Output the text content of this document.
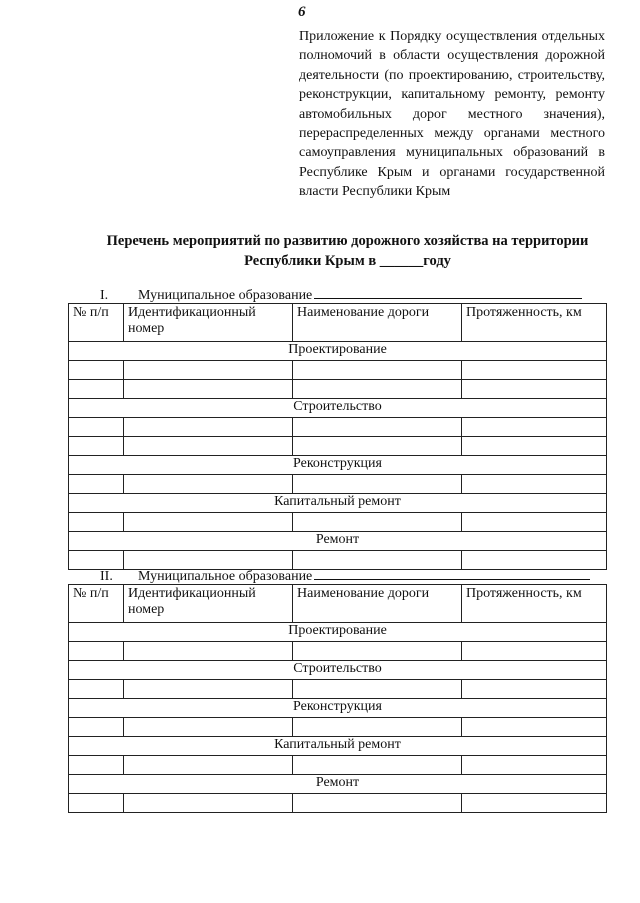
6
Приложение к Порядку осуществления отдельных полномочий в области осуществления дорожной деятельности (по проектированию, строительству, реконструкции, капитальному ремонту, ремонту автомобильных дорог местного значения), перераспределенных между органами местного самоуправления муниципальных образований в Республике Крым и органами государственной власти Республики Крым
Перечень мероприятий по развитию дорожного хозяйства на территории
Республики Крым в ______году
I. Муниципальное образование
№ п/п	Идентификационный номер	Наименование дороги	Протяженность, км
Проектирование			

Строительство			

Реконструкция			

Капитальный ремонт			

Ремонт			

II. Муниципальное образование
№ п/п	Идентификационный номер	Наименование дороги	Протяженность, км
Проектирование			

Строительство			

Реконструкция			

Капитальный ремонт			

Ремонт			
